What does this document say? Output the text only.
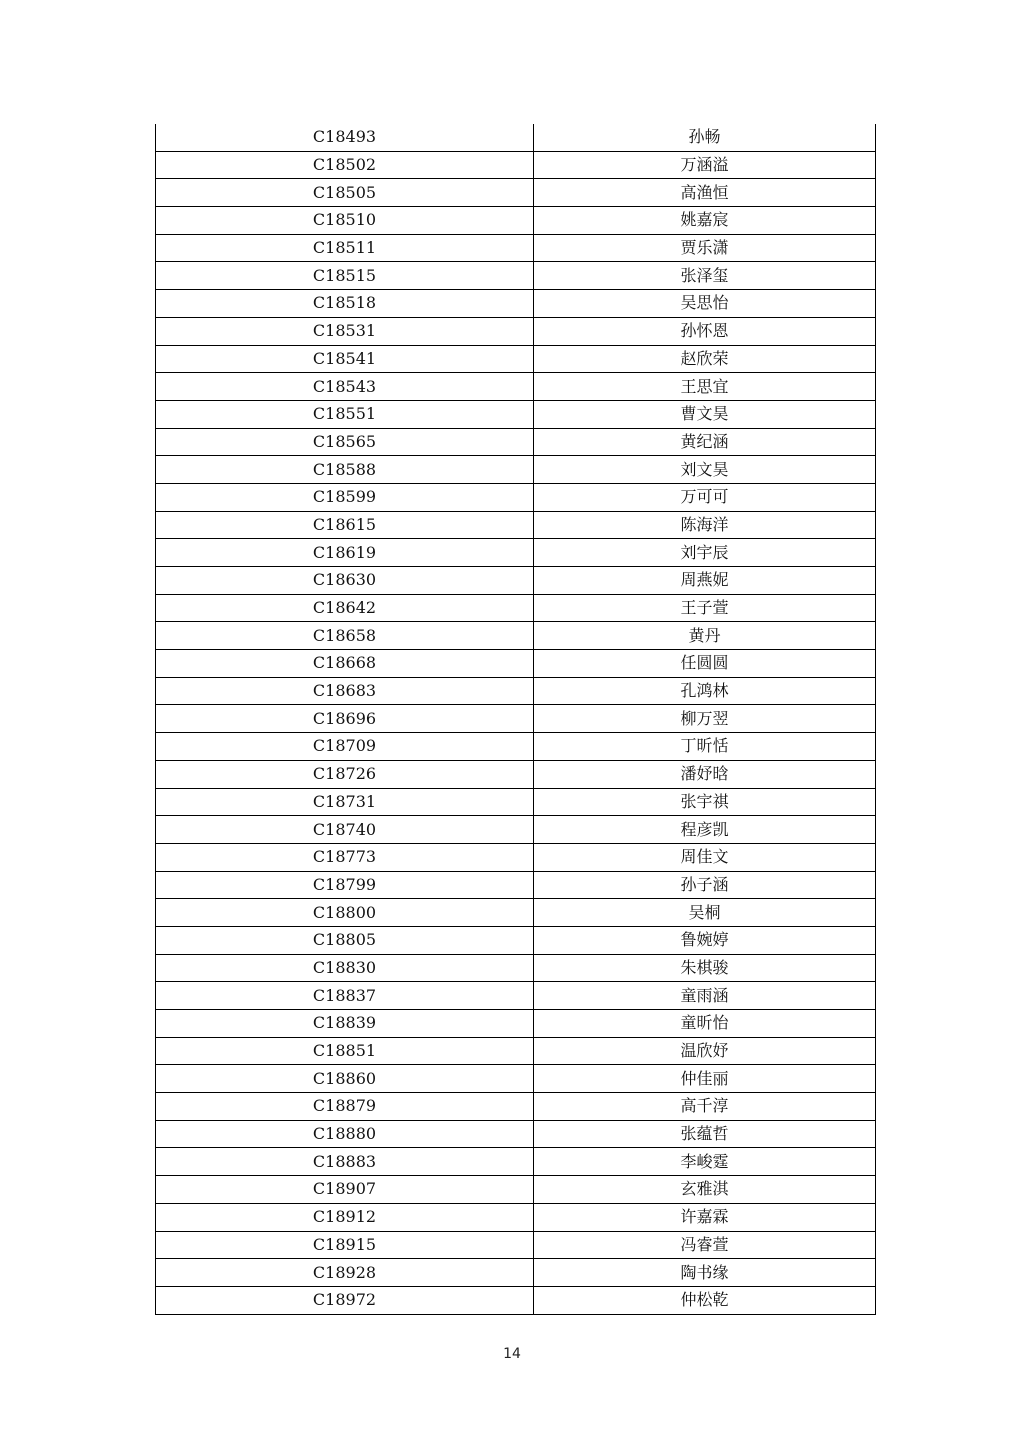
C18493	孙畅
C18502	万涵溢
C18505	高渔恒
C18510	姚嘉宸
C18511	贾乐潇
C18515	张泽玺
C18518	吴思怡
C18531	孙怀恩
C18541	赵欣荣
C18543	王思宜
C18551	曹文昊
C18565	黄纪涵
C18588	刘文昊
C18599	万可可
C18615	陈海洋
C18619	刘宇辰
C18630	周燕妮
C18642	王子萱
C18658	黄丹
C18668	任圆圆
C18683	孔鸿林
C18696	柳万翌
C18709	丁昕恬
C18726	潘妤晗
C18731	张宇祺
C18740	程彦凯
C18773	周佳文
C18799	孙子涵
C18800	吴桐
C18805	鲁婉婷
C18830	朱棋骏
C18837	童雨涵
C18839	童昕怡
C18851	温欣妤
C18860	仲佳丽
C18879	高千淳
C18880	张蕴哲
C18883	李峻霆
C18907	玄雅淇
C18912	许嘉霖
C18915	冯睿萱
C18928	陶书缘
C18972	仲松乾
14
